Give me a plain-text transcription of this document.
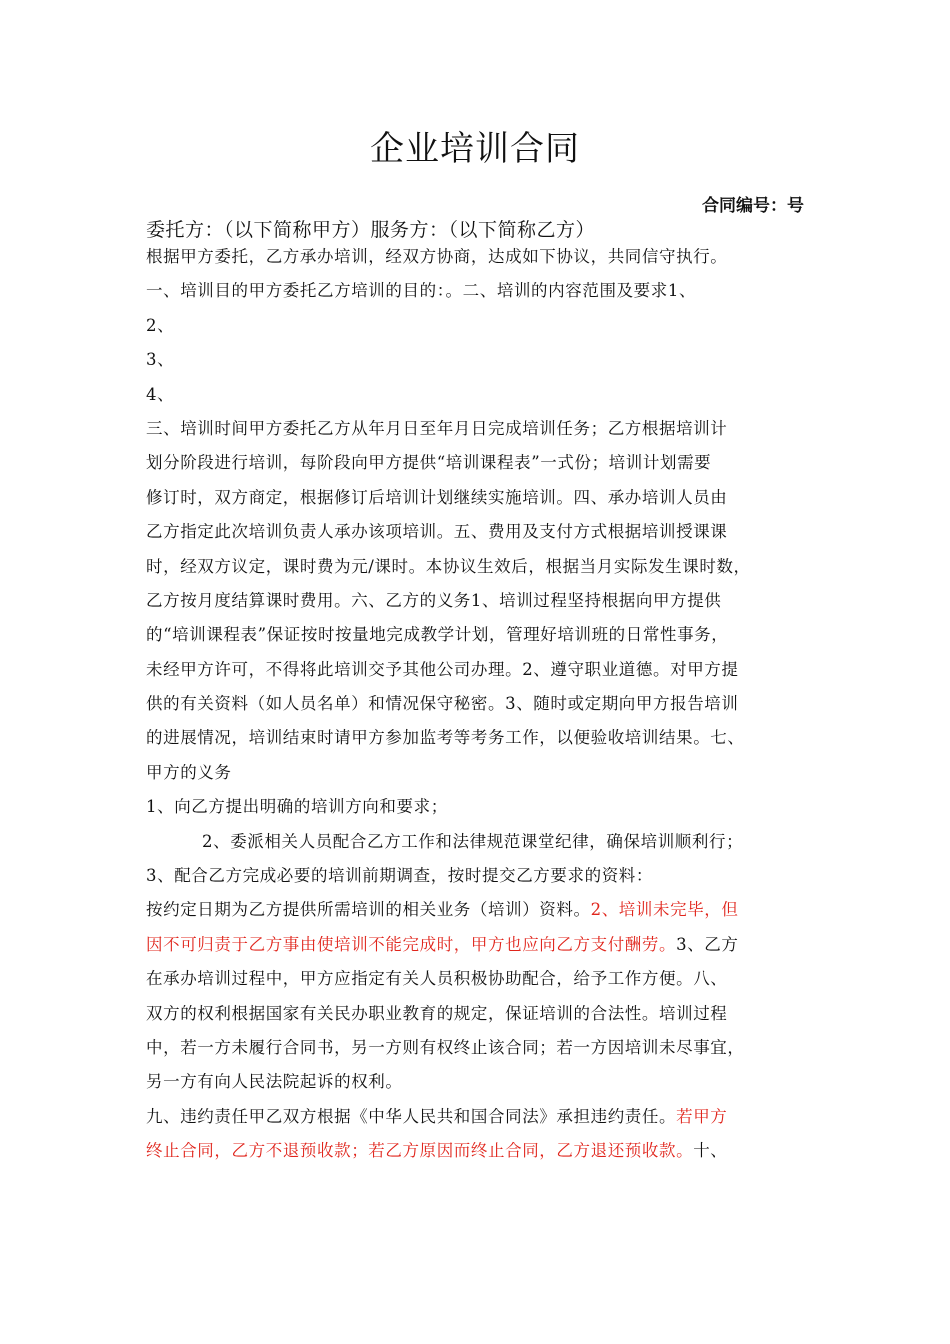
企业培训合同
合同编号：号
委托方：（以下简称甲方）服务方：（以下简称乙方）
根据甲方委托，乙方承办培训，经双方协商，达成如下协议，共同信守执行。
一、培训目的甲方委托乙方培训的目的：。二、培训的内容范围及要求1、
2、
3、
4、
三、培训时间甲方委托乙方从年月日至年月日完成培训任务；乙方根据培训计
划分阶段进行培训，每阶段向甲方提供“培训课程表”一式份；培训计划需要
修订时，双方商定，根据修订后培训计划继续实施培训。四、承办培训人员由
乙方指定此次培训负责人承办该项培训。五、费用及支付方式根据培训授课课
时，经双方议定，课时费为元/课时。本协议生效后，根据当月实际发生课时数，
乙方按月度结算课时费用。六、乙方的义务1、培训过程坚持根据向甲方提供
的“培训课程表”保证按时按量地完成教学计划，管理好培训班的日常性事务，
未经甲方许可，不得将此培训交予其他公司办理。2、遵守职业道德。对甲方提
供的有关资料（如人员名单）和情况保守秘密。3、随时或定期向甲方报告培训
的进展情况，培训结束时请甲方参加监考等考务工作，以便验收培训结果。七、
甲方的义务
1、向乙方提出明确的培训方向和要求；
2、委派相关人员配合乙方工作和法律规范课堂纪律，确保培训顺利行；
3、配合乙方完成必要的培训前期调查，按时提交乙方要求的资料：
按约定日期为乙方提供所需培训的相关业务（培训）资料。2、培训未完毕，但
因不可归责于乙方事由使培训不能完成时，甲方也应向乙方支付酬劳。3、乙方
在承办培训过程中，甲方应指定有关人员积极协助配合，给予工作方便。八、
双方的权利根据国家有关民办职业教育的规定，保证培训的合法性。培训过程
中，若一方未履行合同书，另一方则有权终止该合同；若一方因培训未尽事宜，
另一方有向人民法院起诉的权利。
九、违约责任甲乙双方根据《中华人民共和国合同法》承担违约责任。若甲方
终止合同，乙方不退预收款；若乙方原因而终止合同，乙方退还预收款。十、
